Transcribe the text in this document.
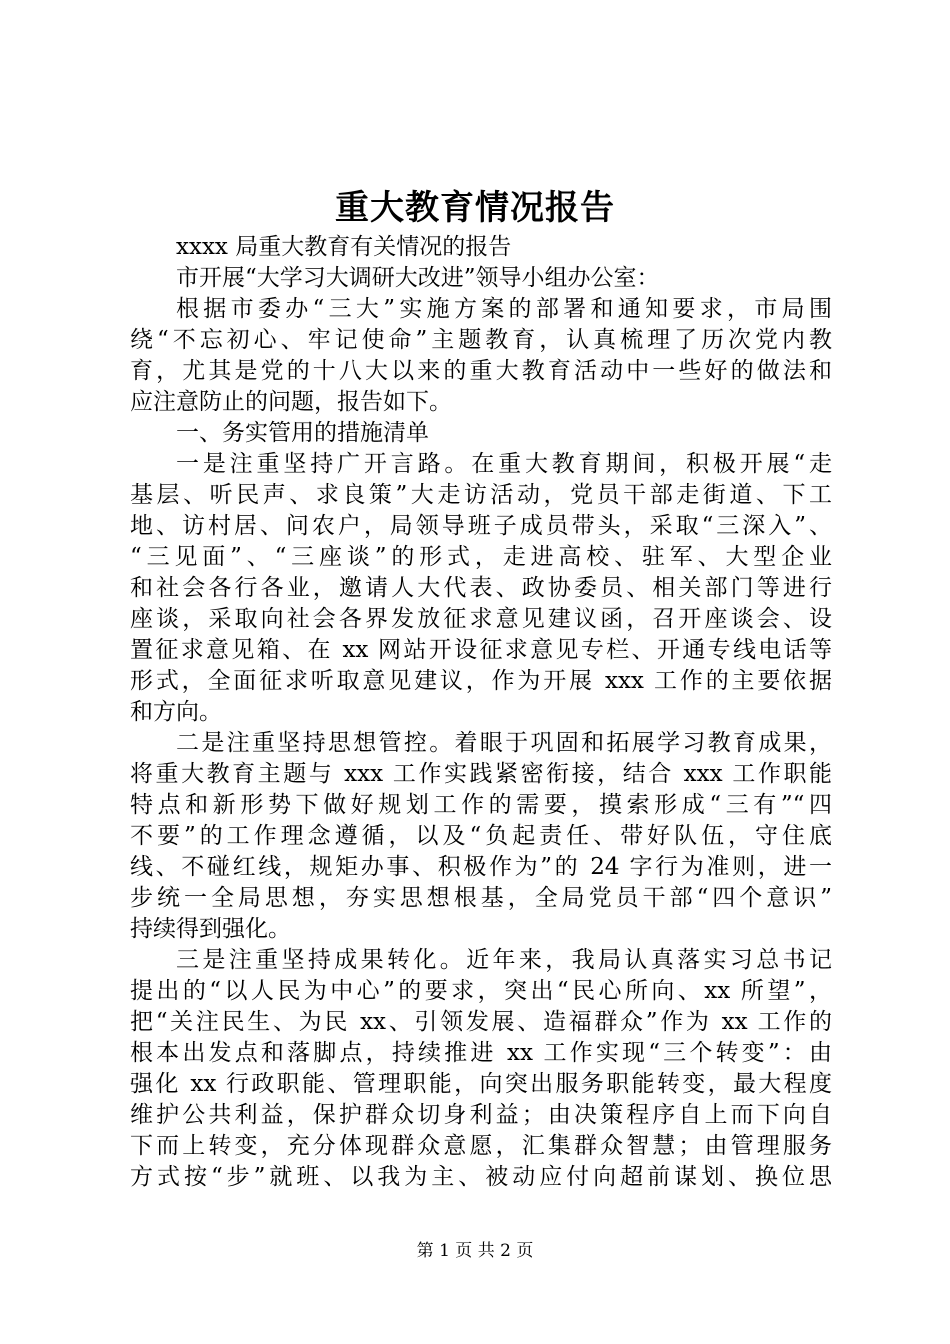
重大教育情况报告
xxxx 局重大教育有关情况的报告
市开展“大学习大调研大改进”领导小组办公室：
根据市委办“三大”实施方案的部署和通知要求，市局围
绕“不忘初心、牢记使命”主题教育，认真梳理了历次党内教
育，尤其是党的十八大以来的重大教育活动中一些好的做法和
应注意防止的问题，报告如下。
一、务实管用的措施清单
一是注重坚持广开言路。在重大教育期间，积极开展“走
基层、听民声、求良策”大走访活动，党员干部走街道、下工
地、访村居、问农户，局领导班子成员带头，采取“三深入”、
“三见面”、“三座谈”的形式，走进高校、驻军、大型企业
和社会各行各业，邀请人大代表、政协委员、相关部门等进行
座谈，采取向社会各界发放征求意见建议函，召开座谈会、设
置征求意见箱、在 xx 网站开设征求意见专栏、开通专线电话等
形式，全面征求听取意见建议，作为开展 xxx 工作的主要依据
和方向。
二是注重坚持思想管控。着眼于巩固和拓展学习教育成果，
将重大教育主题与 xxx 工作实践紧密衔接，结合 xxx 工作职能
特点和新形势下做好规划工作的需要，摸索形成“三有”“四
不要”的工作理念遵循，以及“负起责任、带好队伍，守住底
线、不碰红线，规矩办事、积极作为”的 24 字行为准则，进一
步统一全局思想，夯实思想根基，全局党员干部“四个意识”
持续得到强化。
三是注重坚持成果转化。近年来，我局认真落实习总书记
提出的“以人民为中心”的要求，突出“民心所向、xx 所望”，
把“关注民生、为民 xx、引领发展、造福群众”作为 xx 工作的
根本出发点和落脚点，持续推进 xx 工作实现“三个转变”：由
强化 xx 行政职能、管理职能，向突出服务职能转变，最大程度
维护公共利益，保护群众切身利益；由决策程序自上而下向自
下而上转变，充分体现群众意愿，汇集群众智慧；由管理服务
方式按“步”就班、以我为主、被动应付向超前谋划、换位思
第 1 页 共 2 页
